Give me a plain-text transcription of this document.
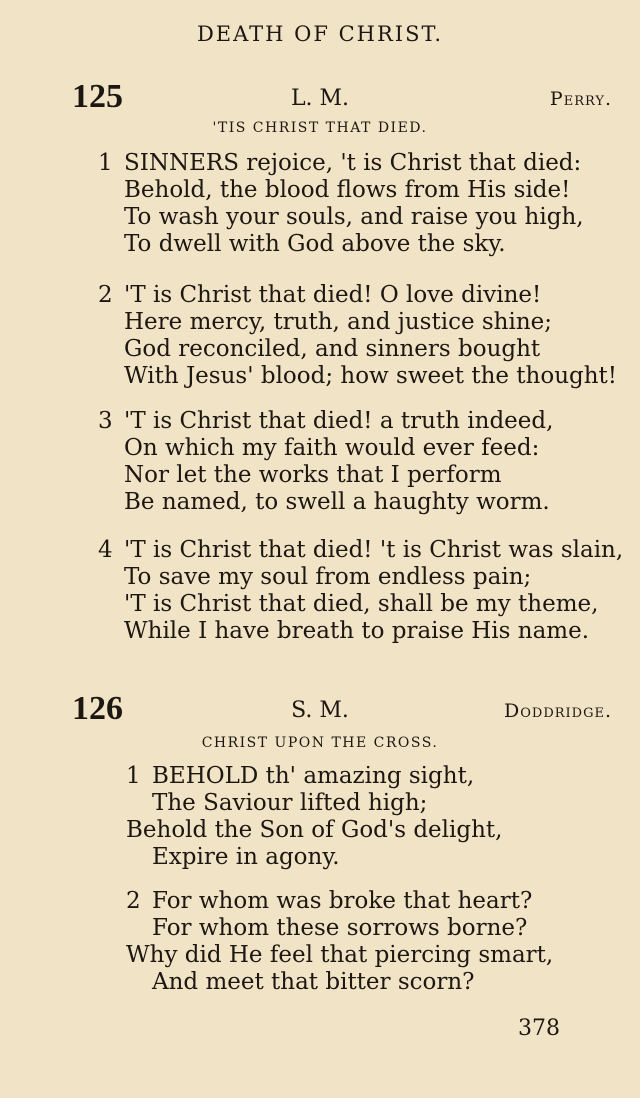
DEATH OF CHRIST.
125	L. M.	Perry.
'TIS CHRIST THAT DIED.
1 SINNERS rejoice, 't is Christ that died:
Behold, the blood flows from His side!
To wash your souls, and raise you high,
To dwell with God above the sky.
2 'T is Christ that died! O love divine!
Here mercy, truth, and justice shine;
God reconciled, and sinners bought
With Jesus' blood; how sweet the thought!
3 'T is Christ that died! a truth indeed,
On which my faith would ever feed:
Nor let the works that I perform
Be named, to swell a haughty worm.
4 'T is Christ that died! 't is Christ was slain,
To save my soul from endless pain;
'T is Christ that died, shall be my theme,
While I have breath to praise His name.
126	S. M.	Doddridge.
CHRIST UPON THE CROSS.
1 BEHOLD th' amazing sight,
The Saviour lifted high;
Behold the Son of God's delight,
Expire in agony.
2 For whom was broke that heart?
For whom these sorrows borne?
Why did He feel that piercing smart,
And meet that bitter scorn?
378
